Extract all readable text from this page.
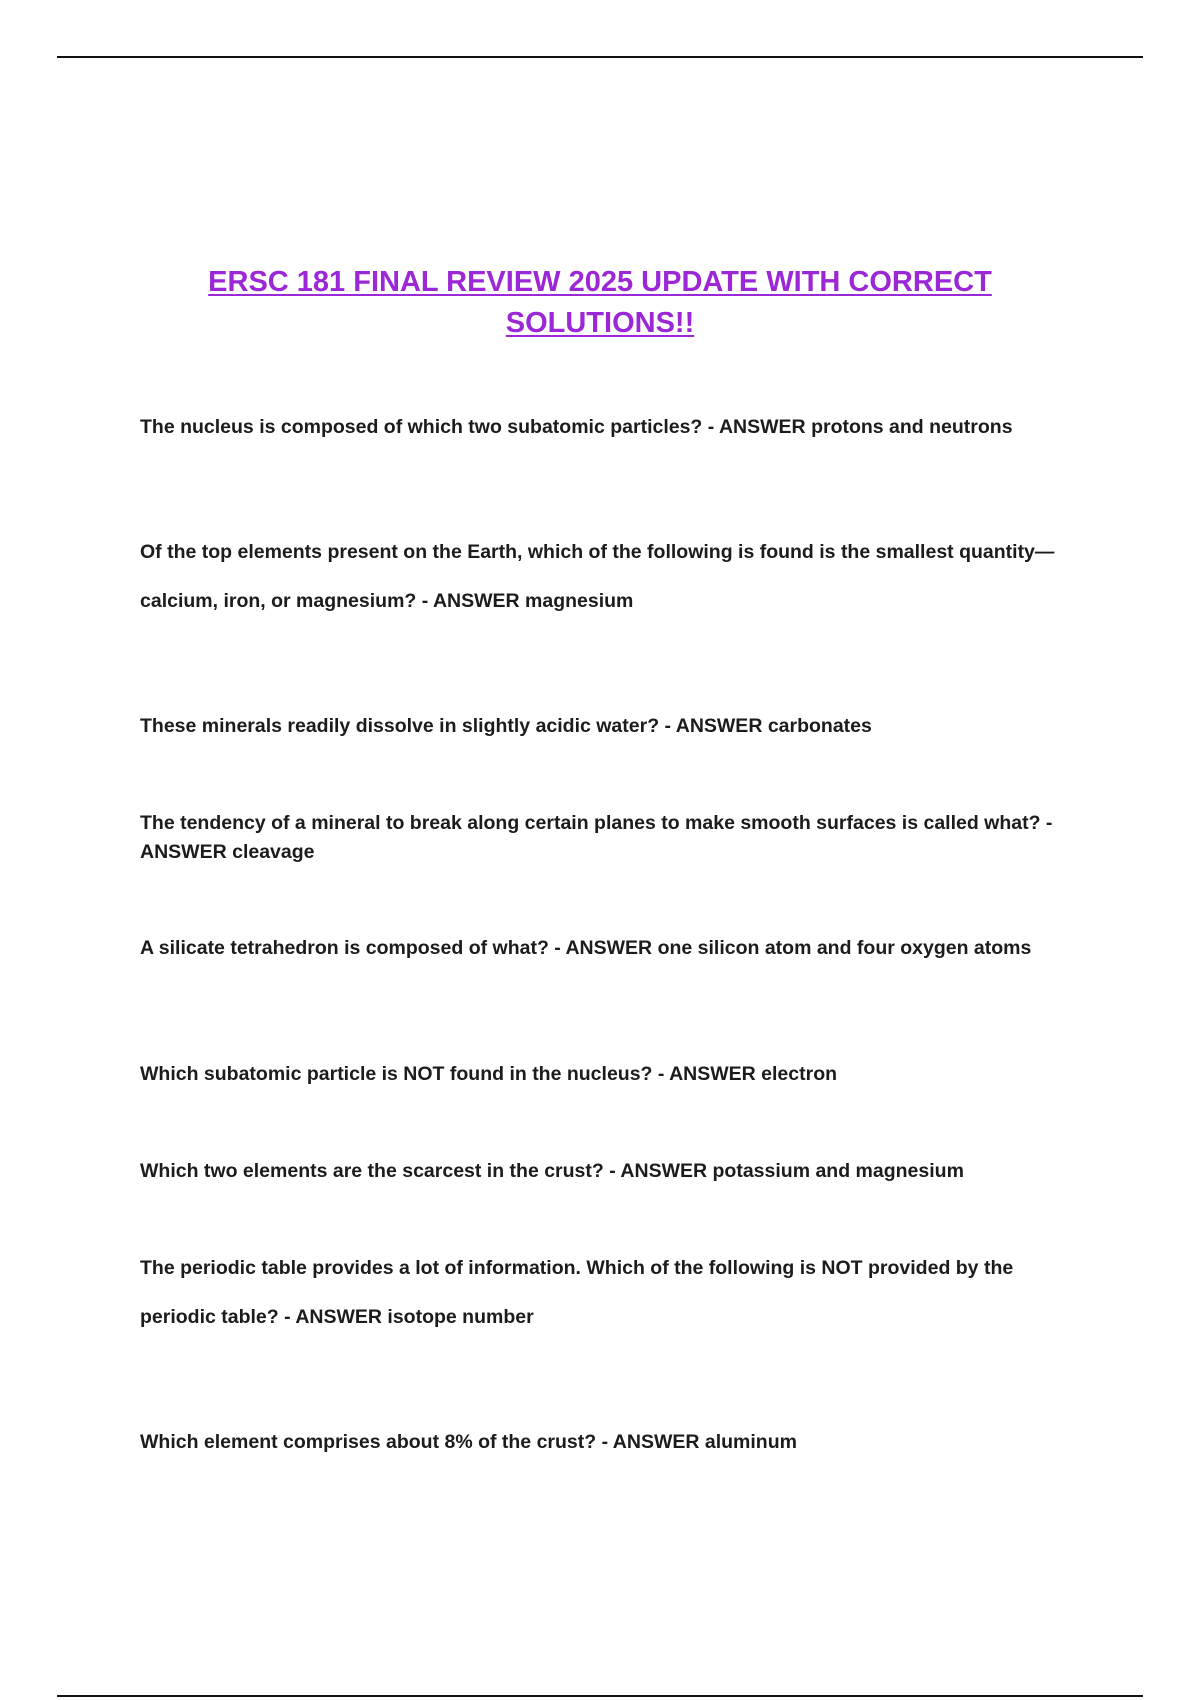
ERSC 181 FINAL REVIEW 2025 UPDATE WITH CORRECT SOLUTIONS!!

The nucleus is composed of which two subatomic particles? - ANSWER protons and neutrons

Of the top elements present on the Earth, which of the following is found is the smallest quantity—

calcium, iron, or magnesium? - ANSWER magnesium

These minerals readily dissolve in slightly acidic water? - ANSWER carbonates

The tendency of a mineral to break along certain planes to make smooth surfaces is called what? - ANSWER cleavage

A silicate tetrahedron is composed of what? - ANSWER one silicon atom and four oxygen atoms

Which subatomic particle is NOT found in the nucleus? - ANSWER electron

Which two elements are the scarcest in the crust? - ANSWER potassium and magnesium

The periodic table provides a lot of information. Which of the following is NOT provided by the

periodic table? - ANSWER isotope number

Which element comprises about 8% of the crust? - ANSWER aluminum
